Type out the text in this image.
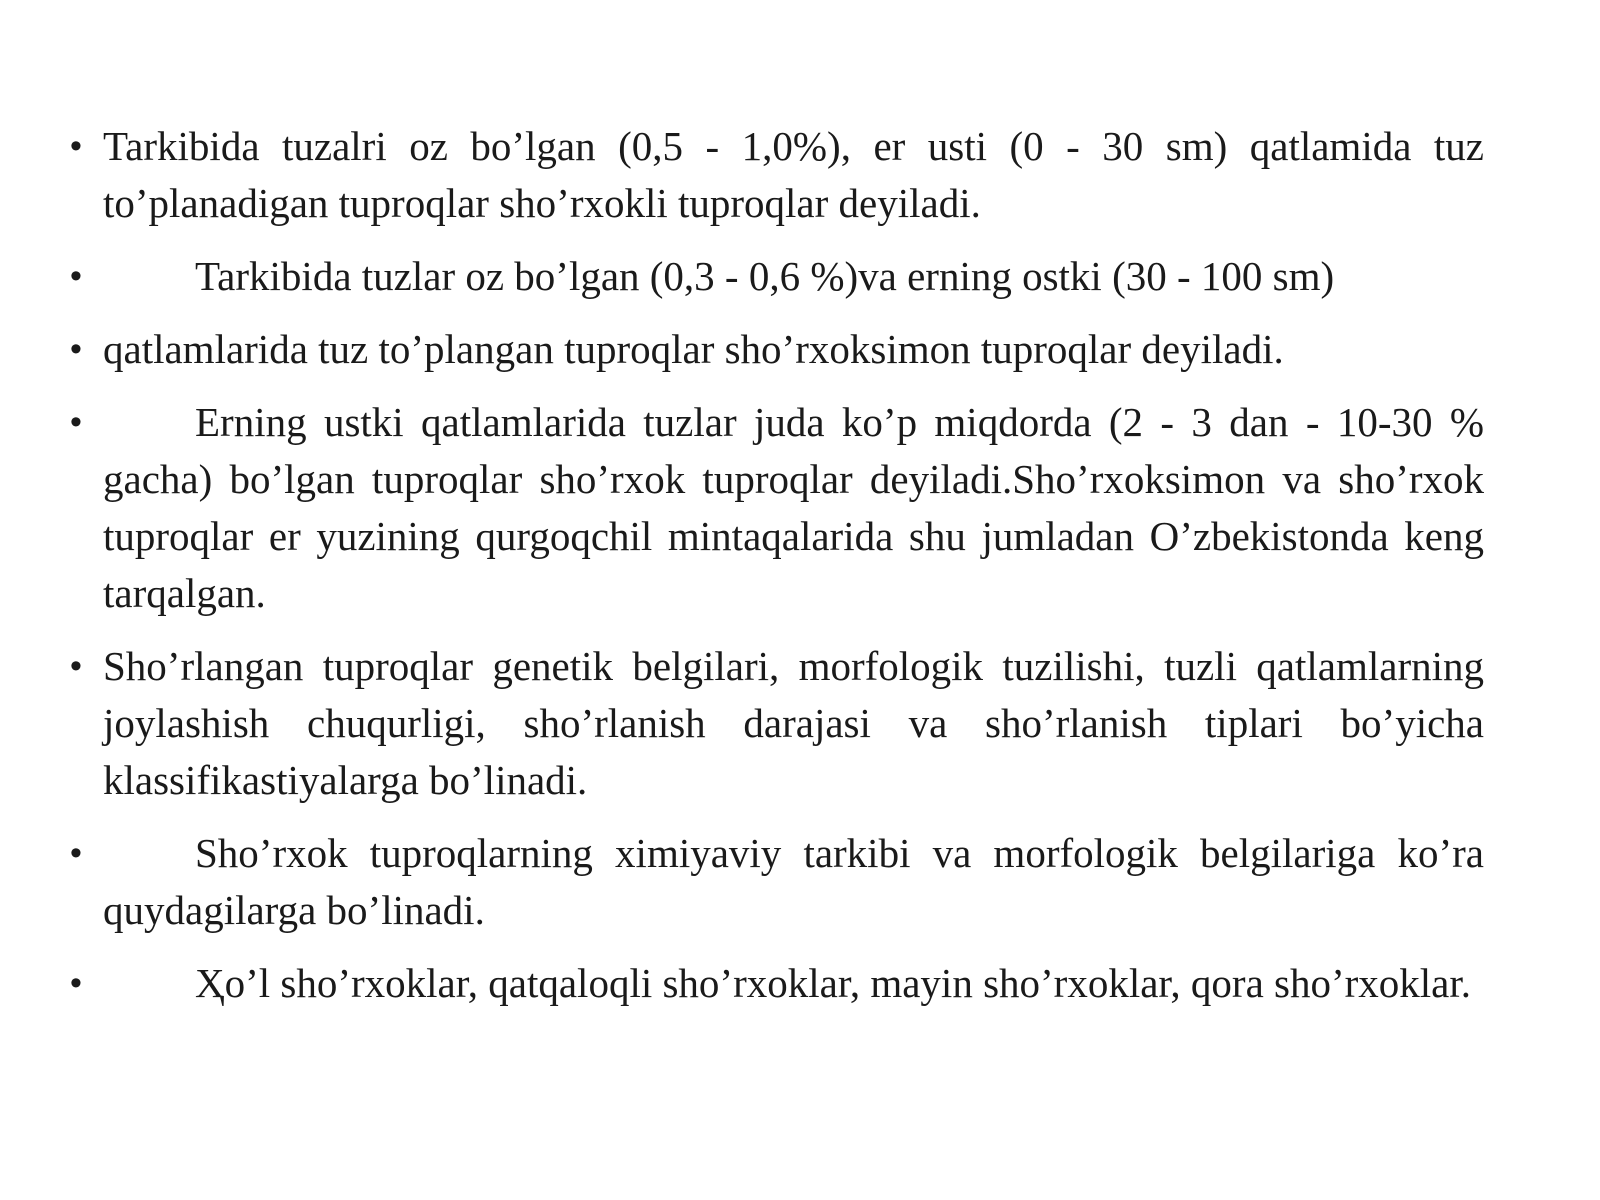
• Tarkibida tuzalri oz bo’lgan (0,5 - 1,0%), er usti (0 - 30 sm) qatlamida tuz to’planadigan tuproqlar sho’rxokli tuproqlar deyiladi.
•	Tarkibida tuzlar oz bo’lgan (0,3 - 0,6 %)va erning ostki (30 - 100 sm)
• qatlamlarida tuz to’plangan tuproqlar sho’rxoksimon tuproqlar deyiladi.
•	Erning ustki qatlamlarida tuzlar juda ko’p miqdorda (2 - 3 dan - 10-30 % gacha) bo’lgan tuproqlar sho’rxok tuproqlar deyiladi.Sho’rxoksimon va sho’rxok tuproqlar er yuzining qurgoqchil mintaqalarida shu jumladan O’zbekistonda keng tarqalgan.
• Sho’rlangan tuproqlar genetik belgilari, morfologik tuzilishi, tuzli qatlamlarning joylashish chuqurligi, sho’rlanish darajasi va sho’rlanish tiplari bo’yicha klassifikastiyalarga bo’linadi.
•	Sho’rxok tuproqlarning ximiyaviy tarkibi va morfologik belgilariga ko’ra quydagilarga bo’linadi.
•	Ҳo’l sho’rxoklar, qatqaloqli sho’rxoklar, mayin sho’rxoklar, qora sho’rxoklar.
